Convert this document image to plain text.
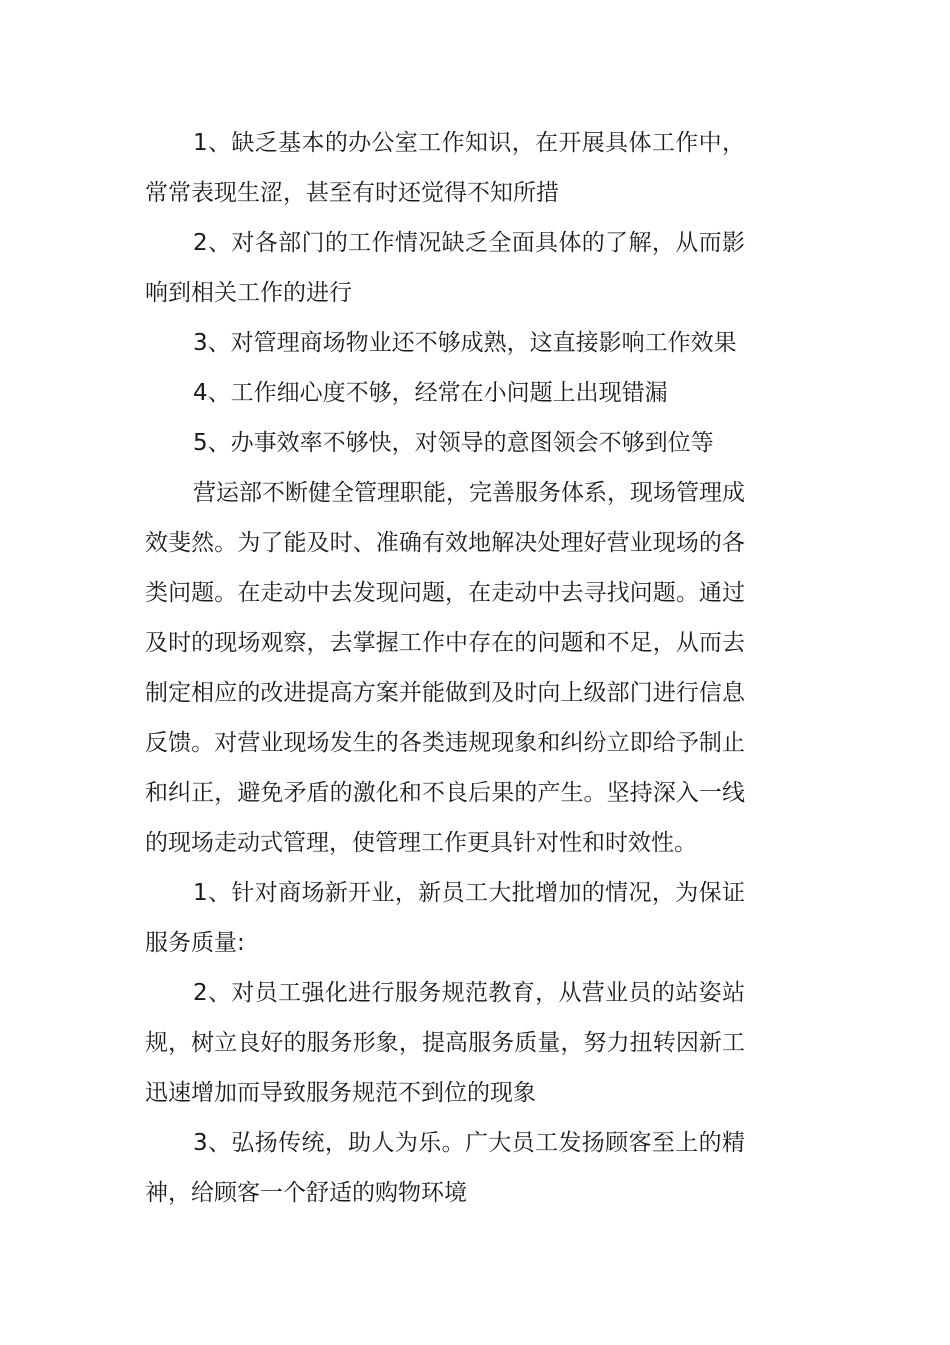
1、缺乏基本的办公室工作知识，在开展具体工作中，常常表现生涩，甚至有时还觉得不知所措

2、对各部门的工作情况缺乏全面具体的了解，从而影响到相关工作的进行

3、对管理商场物业还不够成熟，这直接影响工作效果

4、工作细心度不够，经常在小问题上出现错漏

5、办事效率不够快，对领导的意图领会不够到位等

营运部不断健全管理职能，完善服务体系，现场管理成效斐然。为了能及时、准确有效地解决处理好营业现场的各类问题。在走动中去发现问题，在走动中去寻找问题。通过及时的现场观察，去掌握工作中存在的问题和不足，从而去制定相应的改进提高方案并能做到及时向上级部门进行信息反馈。对营业现场发生的各类违规现象和纠纷立即给予制止和纠正，避免矛盾的激化和不良后果的产生。坚持深入一线的现场走动式管理，使管理工作更具针对性和时效性。

1、针对商场新开业，新员工大批增加的情况，为保证服务质量:

2、对员工强化进行服务规范教育，从营业员的站姿站规，树立良好的服务形象，提高服务质量，努力扭转因新工迅速增加而导致服务规范不到位的现象

3、弘扬传统，助人为乐。广大员工发扬顾客至上的精神，给顾客一个舒适的购物环境
